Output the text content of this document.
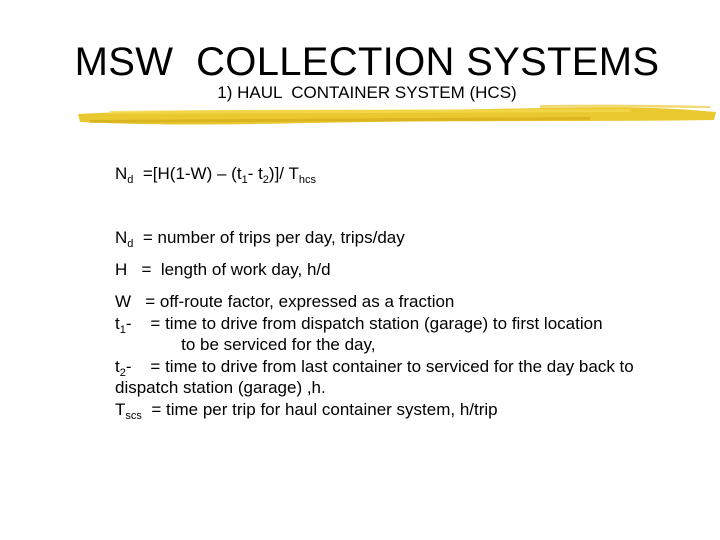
MSW  COLLECTION SYSTEMS
1) HAUL  CONTAINER SYSTEM (HCS)
$N_d =[H(1-W) - (t_1-$ $t_2)]/$ $T_{hcs}$
$N_d$  = number of trips per day, trips/day
H   =  length of work day, h/d
W   = off-route factor, expressed as a fraction
$t_1-$    = time to drive from dispatch station (garage) to first location
to be serviced for the day,
$t_2-$    = time to drive from last container to serviced for the day back to
dispatch station (garage) ,h.
$T_{scs}$  = time per trip for haul container system, h/trip
